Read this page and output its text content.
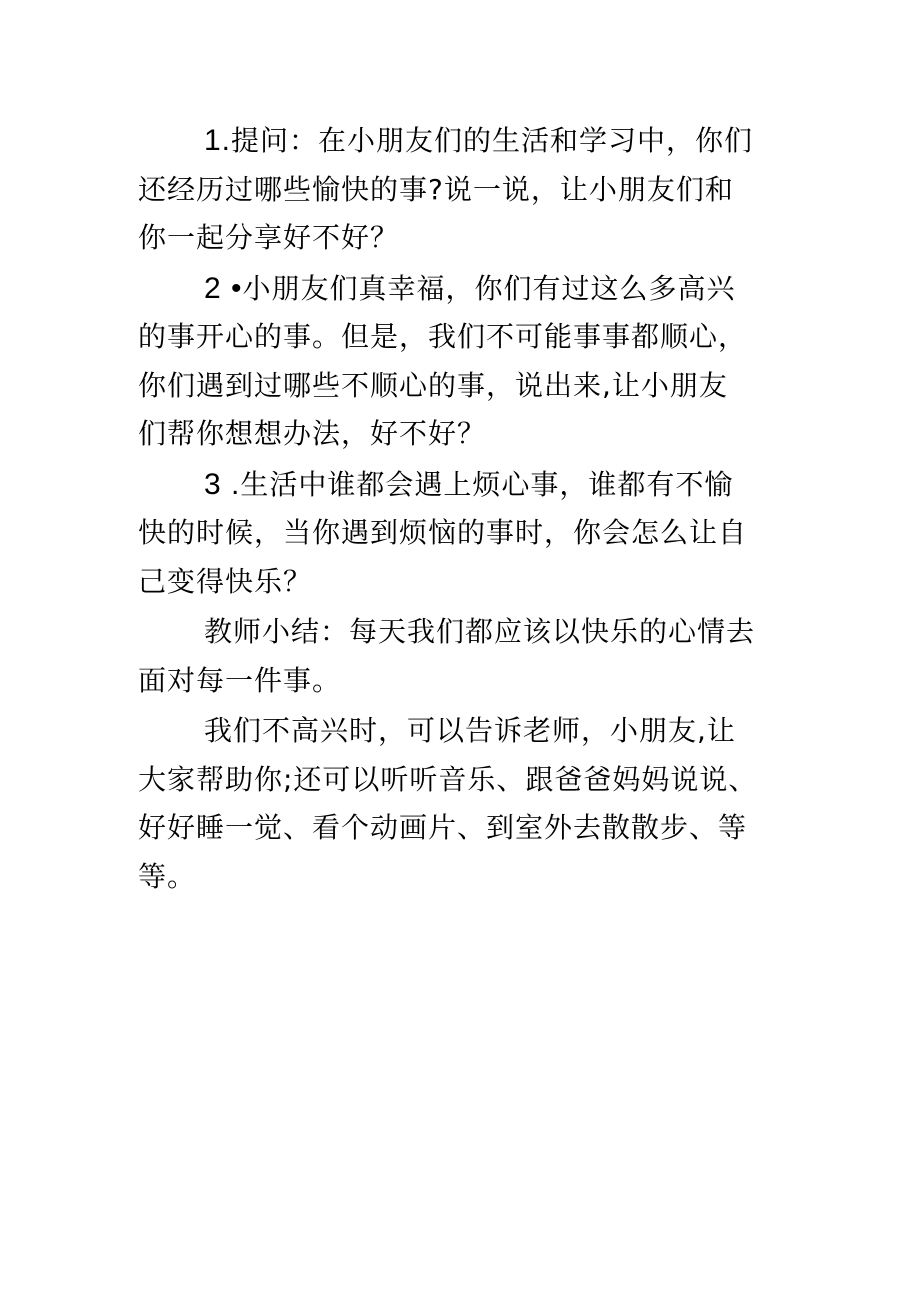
1.提问：在小朋友们的生活和学习中，你们
还经历过哪些愉快的事?说一说，让小朋友们和
你一起分享好不好？

2 •小朋友们真幸福，你们有过这么多高兴
的事开心的事。但是，我们不可能事事都顺心，
你们遇到过哪些不顺心的事，说出来,让小朋友
们帮你想想办法，好不好？

3 .生活中谁都会遇上烦心事，谁都有不愉
快的时候，当你遇到烦恼的事时，你会怎么让自
己变得快乐？

教师小结：每天我们都应该以快乐的心情去
面对每一件事。

我们不高兴时，可以告诉老师，小朋友,让
大家帮助你;还可以听听音乐、跟爸爸妈妈说说、
好好睡一觉、看个动画片、到室外去散散步、等
等。
